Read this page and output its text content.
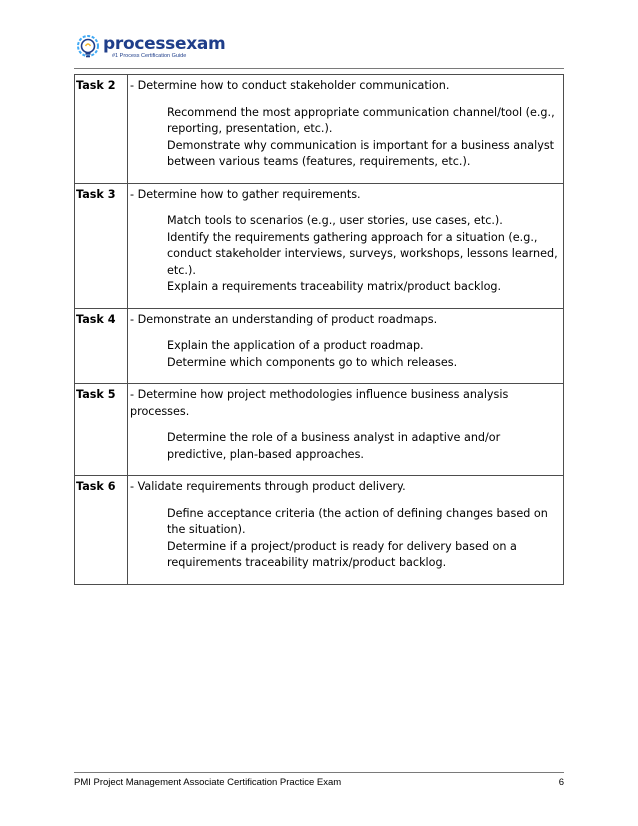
processexam
#1 Process Certification Guide
Task 2	- Determine how to conduct stakeholder communication.
Recommend the most appropriate communication channel/tool (e.g., reporting, presentation, etc.).
Demonstrate why communication is important for a business analyst between various teams (features, requirements, etc.).

Task 3	- Determine how to gather requirements.
Match tools to scenarios (e.g., user stories, use cases, etc.).
Identify the requirements gathering approach for a situation (e.g., conduct stakeholder interviews, surveys, workshops, lessons learned, etc.).
Explain a requirements traceability matrix/product backlog.

Task 4	- Demonstrate an understanding of product roadmaps.
Explain the application of a product roadmap.
Determine which components go to which releases.

Task 5	- Determine how project methodologies influence business analysis processes.
Determine the role of a business analyst in adaptive and/or predictive, plan-based approaches.

Task 6	- Validate requirements through product delivery.
Define acceptance criteria (the action of defining changes based on the situation).
Determine if a project/product is ready for delivery based on a requirements traceability matrix/product backlog.
PMI Project Management Associate Certification Practice Exam	6
